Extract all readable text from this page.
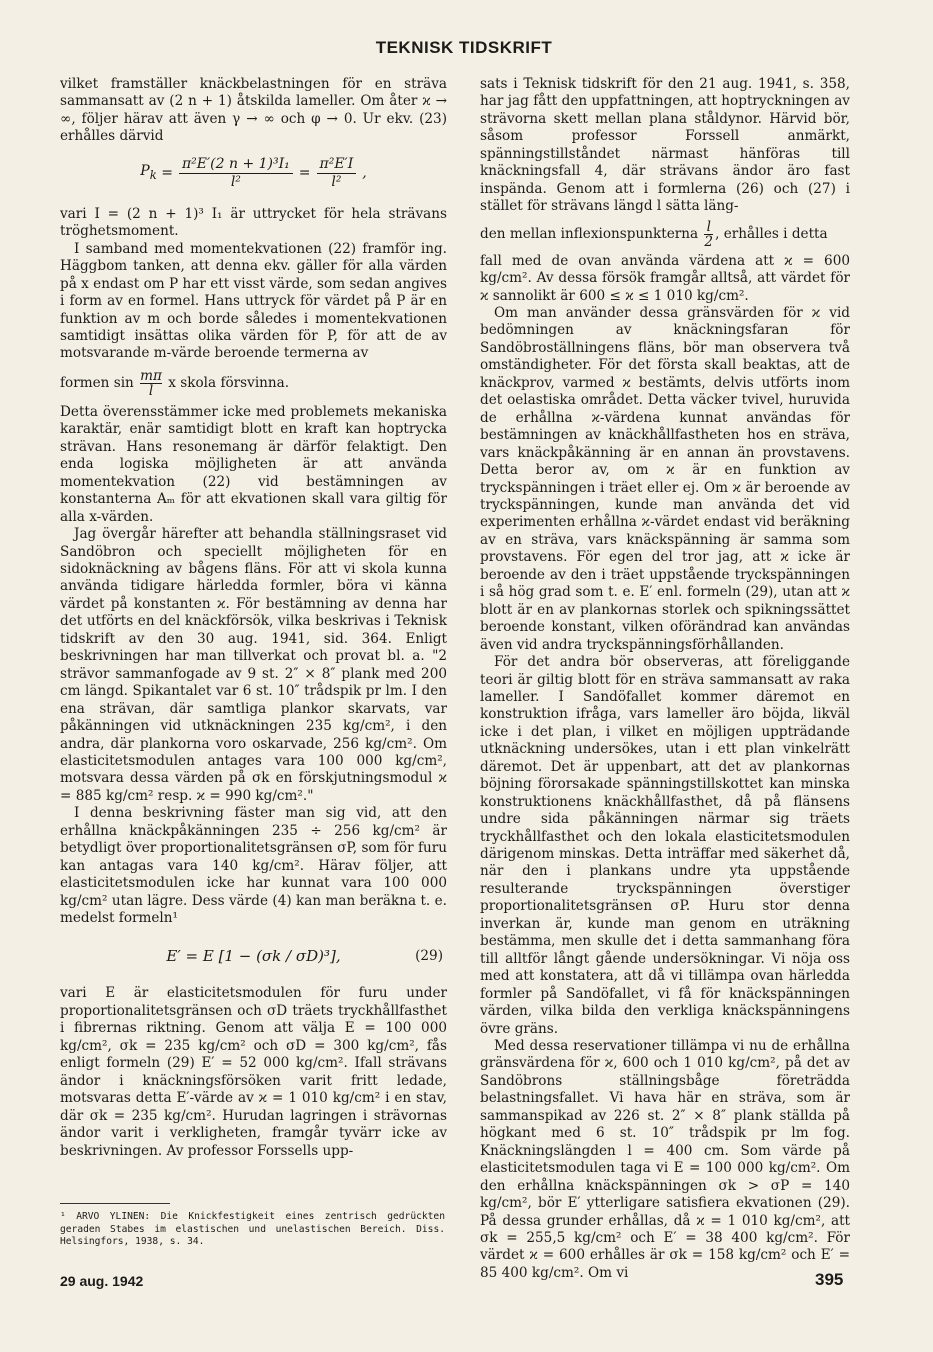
TEKNISK TIDSKRIFT

vilket framställer knäckbelastningen för en sträva sammansatt av (2 n + 1) åtskilda lameller. Om åter ϰ → ∞, följer härav att även γ → ∞ och φ → 0. Ur ekv. (23) erhålles därvid

$P_k = \frac{\text{π²E′(2 n + 1)³I₁}}{\text{l²}} = \frac{\text{π²E′I}}{\text{l²}}$ ,

vari I = (2 n + 1)³ I₁ är uttrycket för hela strävans tröghetsmoment.

I samband med momentekvationen (22) framför ing. Häggbom tanken, att denna ekv. gäller för alla värden på x endast om P har ett visst värde, som sedan angives i form av en formel. Hans uttryck för värdet på P är en funktion av m och borde således i momentekvationen samtidigt insättas olika värden för P, för att de av motsvarande m-värde beroende termerna av

formen $\sin \frac{m\pi}{l}$ x skola försvinna.

Detta överensstämmer icke med problemets mekaniska karaktär, enär samtidigt blott en kraft kan hoptrycka strävan. Hans resonemang är därför felaktigt. Den enda logiska möjligheten är att använda momentekvation (22) vid bestämningen av konstanterna Aₘ för att ekvationen skall vara giltig för alla x-värden.

Jag övergår härefter att behandla ställningsraset vid Sandöbron och speciellt möjligheten för en sidoknäckning av bågens fläns. För att vi skola kunna använda tidigare härledda formler, böra vi känna värdet på konstanten ϰ. För bestämning av denna har det utförts en del knäckförsök, vilka beskrivas i Teknisk tidskrift av den 30 aug. 1941, sid. 364. Enligt beskrivningen har man tillverkat och provat bl. a. "2 strävor sammanfogade av 9 st. 2″ × 8″ plank med 200 cm längd. Spikantalet var 6 st. 10″ trådspik pr lm. I den ena strävan, där samtliga plankor skarvats, var påkänningen vid utknäckningen 235 kg/cm², i den andra, där plankorna voro oskarvade, 256 kg/cm². Om elasticitetsmodulen antages vara 100 000 kg/cm², motsvara dessa värden på σk en förskjutningsmodul ϰ = 885 kg/cm² resp. ϰ = 990 kg/cm²."

I denna beskrivning fäster man sig vid, att den erhållna knäckpåkänningen 235 ÷ 256 kg/cm² är betydligt över proportionalitetsgränsen σP, som för furu kan antagas vara 140 kg/cm². Härav följer, att elasticitetsmodulen icke har kunnat vara 100 000 kg/cm² utan lägre. Dess värde (4) kan man beräkna t. e. medelst formeln¹

E′ = E [1 − (σk / σD)³],	(29)

vari E är elasticitetsmodulen för furu under proportionalitetsgränsen och σD träets tryckhållfasthet i fibrernas riktning. Genom att välja E = 100 000 kg/cm², σk = 235 kg/cm² och σD = 300 kg/cm², fås enligt formeln (29) E′ = 52 000 kg/cm². Ifall strävans ändor i knäckningsförsöken varit fritt ledade, motsvaras detta E′-värde av ϰ = 1 010 kg/cm² i en stav, där σk = 235 kg/cm². Hurudan lagringen i strävornas ändor varit i verkligheten, framgår tyvärr icke av beskrivningen. Av professor Forssells upp-

¹ ARVO YLINEN: Die Knickfestigkeit eines zentrisch gedrückten geraden Stabes im elastischen und unelastischen Bereich. Diss. Helsingfors, 1938, s. 34.

sats i Teknisk tidskrift för den 21 aug. 1941, s. 358, har jag fått den uppfattningen, att hoptryckningen av strävorna skett mellan plana ståldynor. Härvid bör, såsom professor Forssell anmärkt, spänningstillståndet närmast hänföras till knäckningsfall 4, där strävans ändor äro fast inspända. Genom att i formlerna (26) och (27) i stället för strävans längd l sätta läng-

den mellan inflexionspunkterna $\frac{l}{2}$ , erhålles i detta

fall med de ovan använda värdena att ϰ = 600 kg/cm². Av dessa försök framgår alltså, att värdet för ϰ sannolikt är 600 ≤ ϰ ≤ 1 010 kg/cm².

Om man använder dessa gränsvärden för ϰ vid bedömningen av knäckningsfaran för Sandöbroställningens fläns, bör man observera två omständigheter. För det första skall beaktas, att de knäckprov, varmed ϰ bestämts, delvis utförts inom det oelastiska området. Detta väcker tvivel, huruvida de erhållna ϰ-värdena kunnat användas för bestämningen av knäckhållfastheten hos en sträva, vars knäckpåkänning är en annan än provstavens. Detta beror av, om ϰ är en funktion av tryckspänningen i träet eller ej. Om ϰ är beroende av tryckspänningen, kunde man använda det vid experimenten erhållna ϰ-värdet endast vid beräkning av en sträva, vars knäckspänning är samma som provstavens. För egen del tror jag, att ϰ icke är beroende av den i träet uppstående tryckspänningen i så hög grad som t. e. E′ enl. formeln (29), utan att ϰ blott är en av plankornas storlek och spikningssättet beroende konstant, vilken oförändrad kan användas även vid andra tryckspänningsförhållanden.

För det andra bör observeras, att föreliggande teori är giltig blott för en sträva sammansatt av raka lameller. I Sandöfallet kommer däremot en konstruktion ifråga, vars lameller äro böjda, likväl icke i det plan, i vilket en möjligen uppträdande utknäckning undersökes, utan i ett plan vinkelrätt däremot. Det är uppenbart, att det av plankornas böjning förorsakade spänningstillskottet kan minska konstruktionens knäckhållfasthet, då på flänsens undre sida påkänningen närmar sig träets tryckhållfasthet och den lokala elasticitetsmodulen därigenom minskas. Detta inträffar med säkerhet då, när den i plankans undre yta uppstående resulterande tryckspänningen överstiger proportionalitetsgränsen σP. Huru stor denna inverkan är, kunde man genom en uträkning bestämma, men skulle det i detta sammanhang föra till alltför långt gående undersökningar. Vi nöja oss med att konstatera, att då vi tillämpa ovan härledda formler på Sandöfallet, vi få för knäckspänningen värden, vilka bilda den verkliga knäckspänningens övre gräns.

Med dessa reservationer tillämpa vi nu de erhållna gränsvärdena för ϰ, 600 och 1 010 kg/cm², på det av Sandöbrons ställningsbåge företrädda belastningsfallet. Vi hava här en sträva, som är sammanspikad av 226 st. 2″ × 8″ plank ställda på högkant med 6 st. 10″ trådspik pr lm fog. Knäckningslängden l = 400 cm. Som värde på elasticitetsmodulen taga vi E = 100 000 kg/cm². Om den erhållna knäckspänningen σk > σP = 140 kg/cm², bör E′ ytterligare satisfiera ekvationen (29). På dessa grunder erhållas, då ϰ = 1 010 kg/cm², att σk = 255,5 kg/cm² och E′ = 38 400 kg/cm². För värdet ϰ = 600 erhålles är σk = 158 kg/cm² och E′ = 85 400 kg/cm². Om vi

29 aug. 1942	395
